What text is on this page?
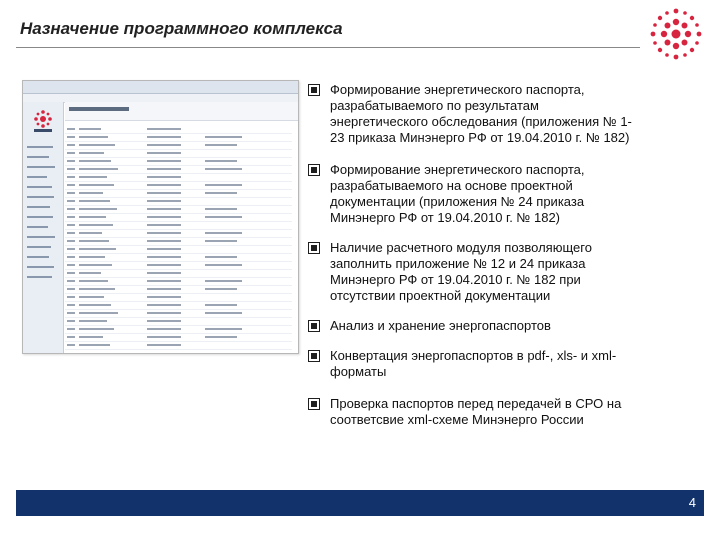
Назначение программного комплекса
Формирование энергетического паспорта,
разрабатываемого по результатам
энергетического обследования (приложения № 1-
23 приказа Минэнерго РФ от 19.04.2010 г. № 182)
Формирование энергетического паспорта,
разрабатываемого на основе проектной
документации (приложения № 24 приказа
Минэнерго РФ от 19.04.2010 г. № 182)
Наличие расчетного модуля позволяющего
заполнить приложение № 12 и 24 приказа
Минэнерго РФ от 19.04.2010 г. № 182 при
отсутствии проектной документации
Анализ и хранение энергопаспортов
Конвертация энергопаспортов в pdf-, xls- и xml-
форматы
Проверка паспортов перед передачей в СРО на
соответсвие xml-схеме Минэнерго России
4
